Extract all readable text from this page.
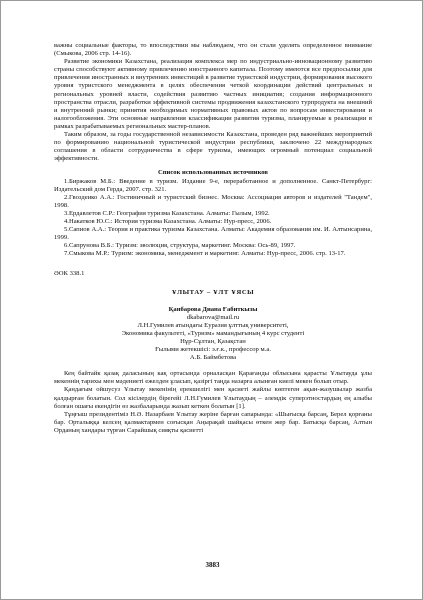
важны социальные факторы, то впоследствии мы наблюдаем, что он стали уделять определенное внимание (Смыкова, 2006 стр. 14-16).

Развитие экономики Казахстана, реализация комплекса мер по индустриально-инновационному развитию страны способствуют активному привлечению иностранного капитала. Поэтому имеются все предпосылки для привлечения иностранных и внутренних инвестиций в развитие туристской индустрии, формирования высокого уровня туристского менеджмента в целях обеспечения четкой координации действий центральных и региональных уровней власти, содействия развитию частных инициатив; создания информационного пространства отрасли, разработки эффективной системы продвижения казахстанского турпродукта на внешний и внутренний рынки; принятия необходимых нормативных правовых актов по вопросам инвестирования и налогообложения. Эти основные направления классификации развития туризма, планируемые к реализации в рамках разрабатываемых региональных мастер-планов.

Таким образом, за годы государственной независимости Казахстана, проведен ряд важнейших мероприятий по формированию национальной туристической индустрии республики, заключено 22 международных соглашения в области сотрудничества в сфере туризма, имеющих огромный потенциал социальной эффективности.

Список использованных источников

1.Биржаков М.Б.: Введение в туризм. Издание 9-е, переработанное и дополненное. Санкт-Петербург: Издательский дом Герда, 2007. стр. 321.

2.Гвоздеико А.А.: Гостиничный и туристский бизнес. Москва: Ассоциация авторов и издателей "Тандем", 1998.

3.Ердавлетов С.Р.: География туризма Казахстана. Алматы: Гылым, 1992.

4.Накатков Ю.С.: История туризма Казахстана. Алматы: Нур-пресс, 2006.

5.Сапиов А.А.: Теория и практика туризма Казахстана. Алматы: Академия образования им. И. Алтынсарина, 1999.

6.Сапрунова В.Б.: Туризм: эволюция, структура, маркетинг. Москва: Ось-89, 1997.

7.Смыкова М.Р.: Туризм: экономика, менеджмент и маркетинг. Алматы: Нур-пресс, 2006. стр. 13-17.

ӘОК 338.1

ҰЛЫТАУ – ҰЛТ ҰЯСЫ

Қанбарова Диана Ғабиткызы

dkabarova@mail.ru

Л.Н.Гумилев атындағы Еуразия ұлттық университеті,

Экономика факультеті, «Туризм» мамандығының 4 курс студенті

Нұр-Сұлтан, Қазақстан

Ғылыми жетекшісі: э.ғ.к., профессор м.а.

А.Б. Баймбетова

Кең байтайк қазақ даласының кақ ортасында орналасқан Қарағанды облысына қарасты Ұлытауда ұлы мекеннің тарихы мен мәдениеті ежелден ұласып, қазіргі таңда назарға алынған киелі мекен болып отыр.

Қандағым ойшусуз Ұлытау мекенінің ерекшелігі мен қасиеті жайлы көптеген ақын-жазушылар жазба қалдырған болатын. Сол кісілердің бірегейі Л.Н.Гумилев Ұлытаудың – әлемдік суперэтностардың ең алыбы болған ошағы екендігін өз жазбаларында жазып кеткен болатын [1].

Тұңғыш президентіміз Н.Ә. Назарбаев Ұлытау жеріне барған сапарында: «Шығысқа барсаң, Берел қорғаны бар. Орталыққа келсең қалмактармен соғысқан Аңырақай шайқасы өткен жер бар. Батысқа барсаң, Алтын Орданың хандары түрған Сарайшық сияқты қасиетті

3883
